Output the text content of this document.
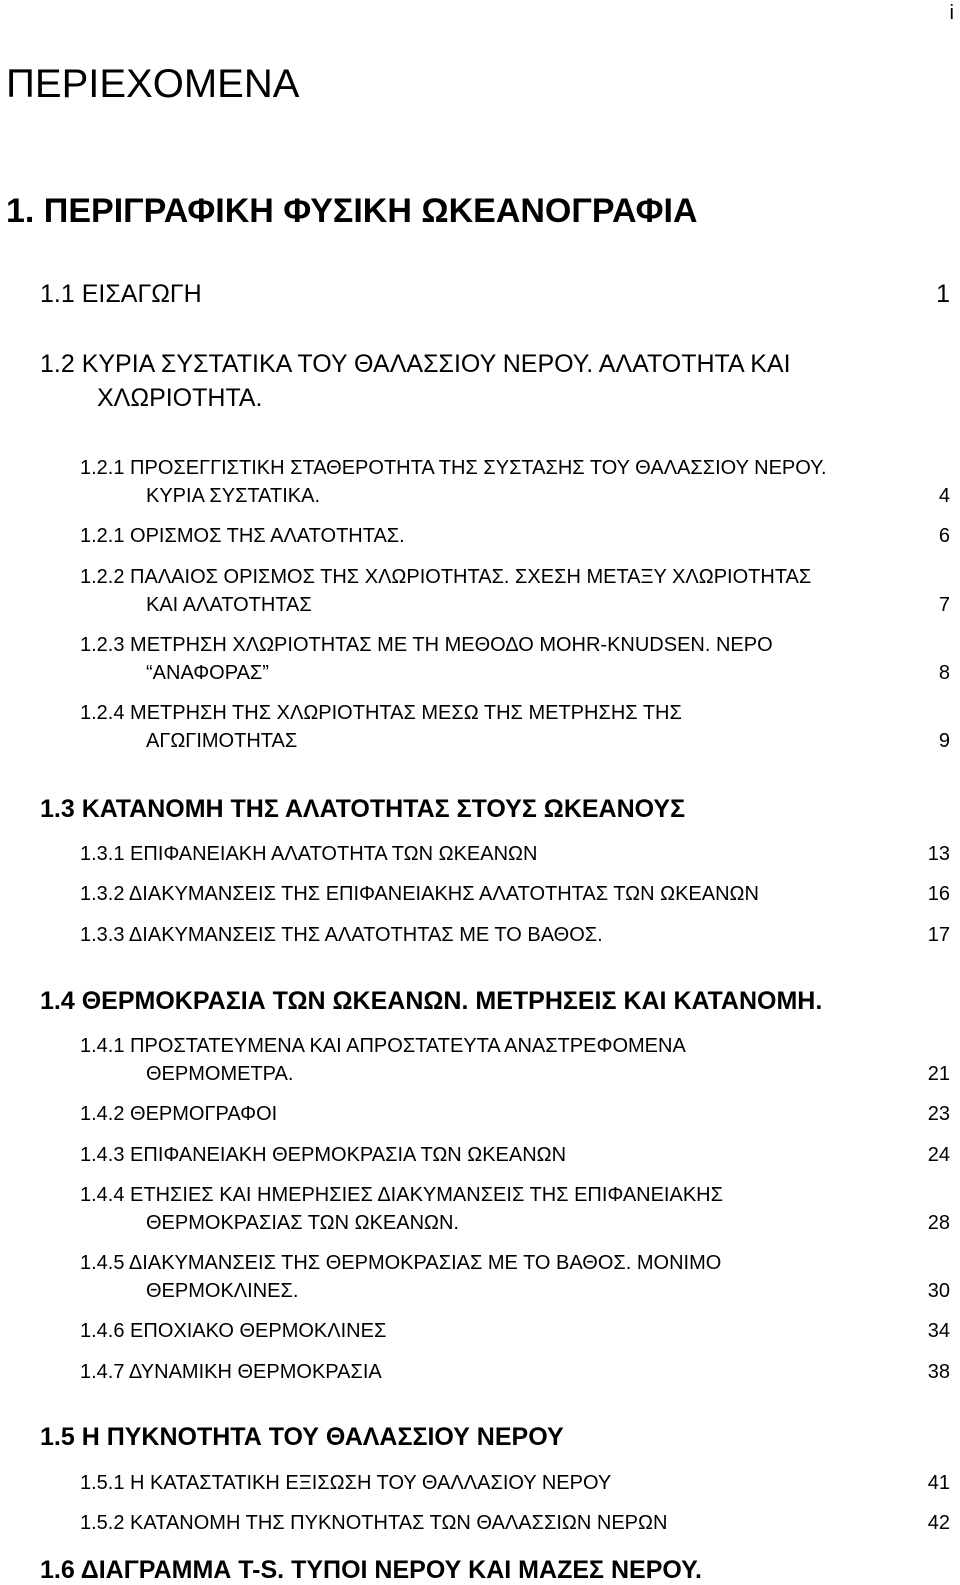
i
ΠΕΡΙΕΧΟΜΕΝΑ
1. ΠΕΡΙΓΡΑΦΙΚΗ ΦΥΣΙΚΗ ΩΚΕΑΝΟΓΡΑΦΙΑ
1.1 ΕΙΣΑΓΩΓΗ	1
1.2 ΚΥΡΙΑ ΣΥΣΤΑΤΙΚΑ ΤΟΥ ΘΑΛΑΣΣΙΟΥ ΝΕΡΟΥ. ΑΛΑΤΟΤΗΤΑ ΚΑΙ
ΧΛΩΡΙΟΤΗΤΑ.
1.2.1 ΠΡΟΣΕΓΓΙΣΤΙΚΗ ΣΤΑΘΕΡΟΤΗΤΑ ΤΗΣ ΣΥΣΤΑΣΗΣ ΤΟΥ ΘΑΛΑΣΣΙΟΥ ΝΕΡΟΥ.
ΚΥΡΙΑ ΣΥΣΤΑΤΙΚΑ.	4
1.2.1 ΟΡΙΣΜΟΣ ΤΗΣ ΑΛΑΤΟΤΗΤΑΣ.	6
1.2.2 ΠΑΛΑΙΟΣ ΟΡΙΣΜΟΣ ΤΗΣ ΧΛΩΡΙΟΤΗΤΑΣ. ΣΧΕΣΗ ΜΕΤΑΞΥ ΧΛΩΡΙΟΤΗΤΑΣ
ΚΑΙ ΑΛΑΤΟΤΗΤΑΣ	7
1.2.3 ΜΕΤΡΗΣΗ ΧΛΩΡΙΟΤΗΤΑΣ ΜΕ ΤΗ ΜΕΘΟΔΟ MOHR-KNUDSEN. ΝΕΡΟ
“ΑΝΑΦΟΡΑΣ”	8
1.2.4 ΜΕΤΡΗΣΗ ΤΗΣ ΧΛΩΡΙΟΤΗΤΑΣ ΜΕΣΩ ΤΗΣ ΜΕΤΡΗΣΗΣ ΤΗΣ
ΑΓΩΓΙΜΟΤΗΤΑΣ	9
1.3 ΚΑΤΑΝΟΜΗ ΤΗΣ ΑΛΑΤΟΤΗΤΑΣ ΣΤΟΥΣ ΩΚΕΑΝΟΥΣ
1.3.1 ΕΠΙΦΑΝΕΙΑΚΗ ΑΛΑΤΟΤΗΤΑ ΤΩΝ ΩΚΕΑΝΩΝ	13
1.3.2 ΔΙΑΚΥΜΑΝΣΕΙΣ ΤΗΣ ΕΠΙΦΑΝΕΙΑΚΗΣ ΑΛΑΤΟΤΗΤΑΣ ΤΩΝ ΩΚΕΑΝΩΝ	16
1.3.3 ΔΙΑΚΥΜΑΝΣΕΙΣ ΤΗΣ ΑΛΑΤΟΤΗΤΑΣ ΜΕ ΤΟ ΒΑΘΟΣ.	17
1.4 ΘΕΡΜΟΚΡΑΣΙΑ ΤΩΝ ΩΚΕΑΝΩΝ. ΜΕΤΡΗΣΕΙΣ ΚΑΙ ΚΑΤΑΝΟΜΗ.
1.4.1 ΠΡΟΣΤΑΤΕΥΜΕΝΑ ΚΑΙ ΑΠΡΟΣΤΑΤΕΥΤΑ ΑΝΑΣΤΡΕΦΟΜΕΝΑ
ΘΕΡΜΟΜΕΤΡΑ.	21
1.4.2 ΘΕΡΜΟΓΡΑΦΟΙ	23
1.4.3 ΕΠΙΦΑΝΕΙΑΚΗ ΘΕΡΜΟΚΡΑΣΙΑ ΤΩΝ ΩΚΕΑΝΩΝ	24
1.4.4 ΕΤΗΣΙΕΣ ΚΑΙ ΗΜΕΡΗΣΙΕΣ ΔΙΑΚΥΜΑΝΣΕΙΣ ΤΗΣ ΕΠΙΦΑΝΕΙΑΚΗΣ
ΘΕΡΜΟΚΡΑΣΙΑΣ ΤΩΝ ΩΚΕΑΝΩΝ.	28
1.4.5 ΔΙΑΚΥΜΑΝΣΕΙΣ ΤΗΣ ΘΕΡΜΟΚΡΑΣΙΑΣ ΜΕ ΤΟ ΒΑΘΟΣ. ΜΟΝΙΜΟ
ΘΕΡΜΟΚΛΙΝΕΣ.	30
1.4.6 ΕΠΟΧΙΑΚΟ ΘΕΡΜΟΚΛΙΝΕΣ	34
1.4.7 ΔΥΝΑΜΙΚΗ ΘΕΡΜΟΚΡΑΣΙΑ	38
1.5 Η ΠΥΚΝΟΤΗΤΑ ΤΟΥ ΘΑΛΑΣΣΙΟΥ ΝΕΡΟΥ
1.5.1 Η ΚΑΤΑΣΤΑΤΙΚΗ ΕΞΙΣΩΣΗ ΤΟΥ ΘΑΛΛΑΣΙΟΥ ΝΕΡΟΥ	41
1.5.2 ΚΑΤΑΝΟΜΗ ΤΗΣ ΠΥΚΝΟΤΗΤΑΣ ΤΩΝ ΘΑΛΑΣΣΙΩΝ ΝΕΡΩΝ	42
1.6 ΔΙΑΓΡΑΜΜΑ T-S. ΤΥΠΟΙ ΝΕΡΟΥ ΚΑΙ ΜΑΖΕΣ ΝΕΡΟΥ.
